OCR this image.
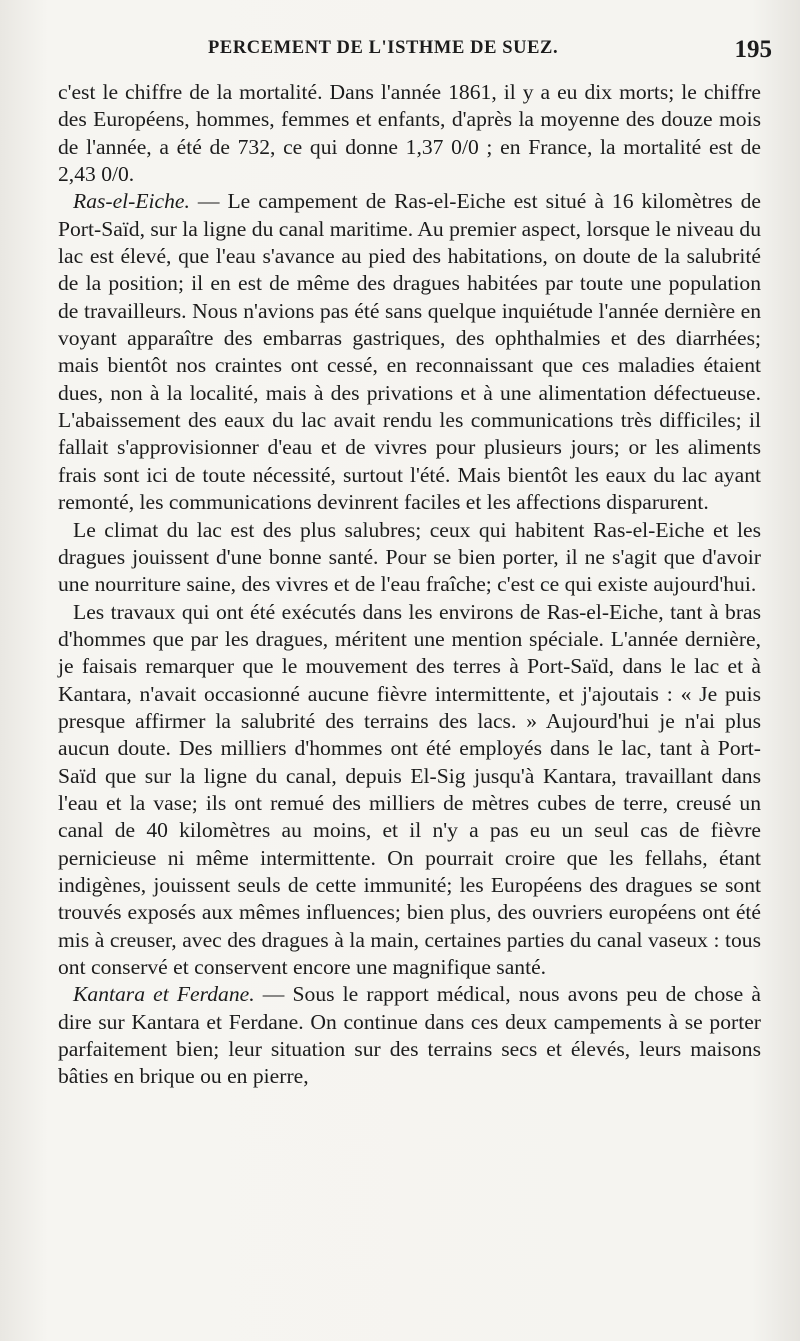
PERCEMENT DE L'ISTHME DE SUEZ.	195

c'est le chiffre de la mortalité. Dans l'année 1861, il y a eu dix morts; le chiffre des Européens, hommes, femmes et enfants, d'après la moyenne des douze mois de l'année, a été de 732, ce qui donne 1,37 0/0 ; en France, la mortalité est de 2,43 0/0.

Ras-el-Eiche. — Le campement de Ras-el-Eiche est situé à 16 kilomètres de Port-Saïd, sur la ligne du canal maritime. Au premier aspect, lorsque le niveau du lac est élevé, que l'eau s'avance au pied des habitations, on doute de la salubrité de la position; il en est de même des dragues habitées par toute une population de travailleurs. Nous n'avions pas été sans quelque inquiétude l'année dernière en voyant apparaître des embarras gastriques, des ophthalmies et des diarrhées; mais bientôt nos craintes ont cessé, en reconnaissant que ces maladies étaient dues, non à la localité, mais à des privations et à une alimentation défectueuse. L'abaissement des eaux du lac avait rendu les communications très difficiles; il fallait s'approvisionner d'eau et de vivres pour plusieurs jours; or les aliments frais sont ici de toute nécessité, surtout l'été. Mais bientôt les eaux du lac ayant remonté, les communications devinrent faciles et les affections disparurent.

Le climat du lac est des plus salubres; ceux qui habitent Ras-el-Eiche et les dragues jouissent d'une bonne santé. Pour se bien porter, il ne s'agit que d'avoir une nourriture saine, des vivres et de l'eau fraîche; c'est ce qui existe aujourd'hui.

Les travaux qui ont été exécutés dans les environs de Ras-el-Eiche, tant à bras d'hommes que par les dragues, méritent une mention spéciale. L'année dernière, je faisais remarquer que le mouvement des terres à Port-Saïd, dans le lac et à Kantara, n'avait occasionné aucune fièvre intermittente, et j'ajoutais : « Je puis presque affirmer la salubrité des terrains des lacs. » Aujourd'hui je n'ai plus aucun doute. Des milliers d'hommes ont été employés dans le lac, tant à Port-Saïd que sur la ligne du canal, depuis El-Sig jusqu'à Kantara, travaillant dans l'eau et la vase; ils ont remué des milliers de mètres cubes de terre, creusé un canal de 40 kilomètres au moins, et il n'y a pas eu un seul cas de fièvre pernicieuse ni même intermittente. On pourrait croire que les fellahs, étant indigènes, jouissent seuls de cette immunité; les Européens des dragues se sont trouvés exposés aux mêmes influences; bien plus, des ouvriers européens ont été mis à creuser, avec des dragues à la main, certaines parties du canal vaseux : tous ont conservé et conservent encore une magnifique santé.

Kantara et Ferdane. — Sous le rapport médical, nous avons peu de chose à dire sur Kantara et Ferdane. On continue dans ces deux campements à se porter parfaitement bien; leur situation sur des terrains secs et élevés, leurs maisons bâties en brique ou en pierre,
